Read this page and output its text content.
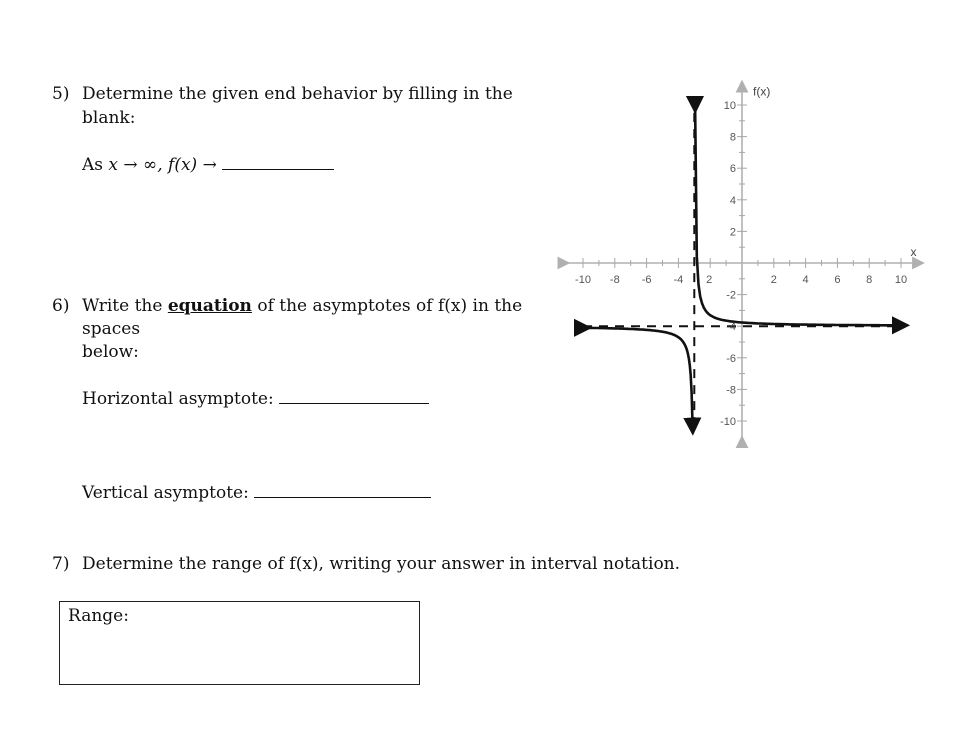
5) Determine the given end behavior by filling in the
blank:
As x → ∞, f(x) →
6) Write the equation of the asymptotes of f(x) in the
spaces below:
Horizontal asymptote:
Vertical asymptote:
7) Determine the range of f(x), writing your answer in interval notation.
Range:
-10 -8 -6 -4 2	2 4 6 8 10
10
8
6
4
2
-2
-4
-6
-8
-10
x
f(x)
